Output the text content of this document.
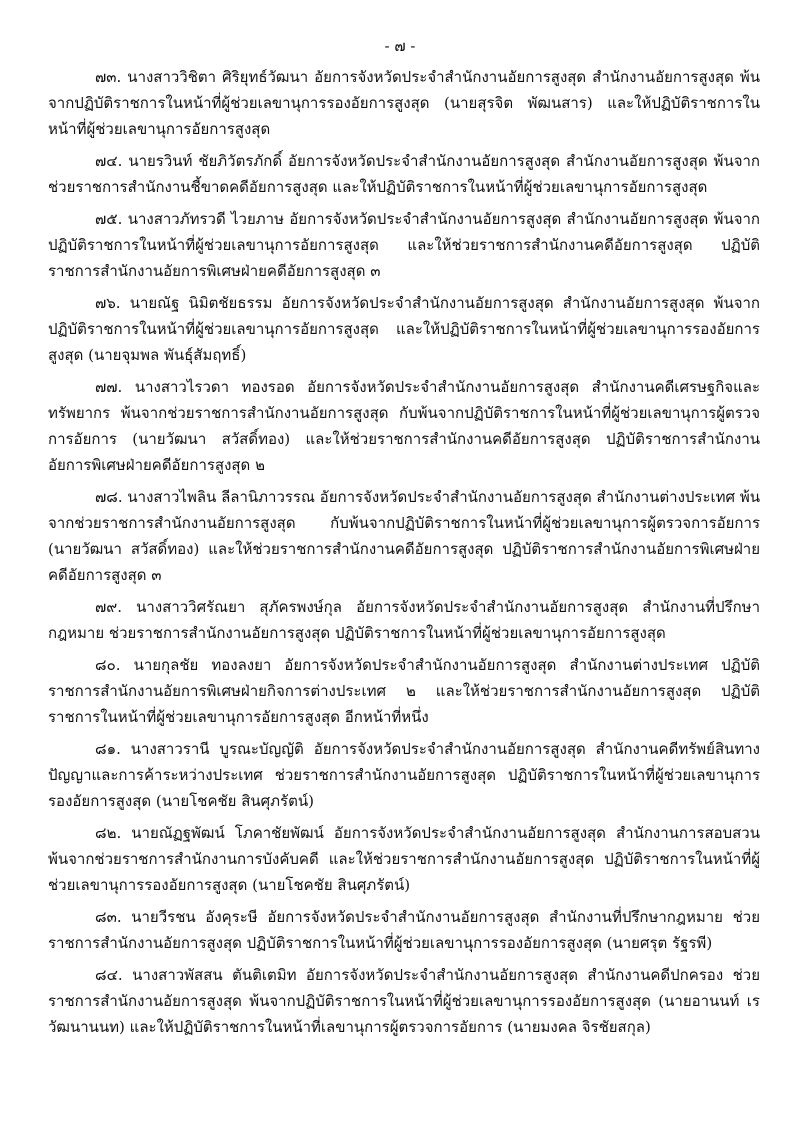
- ๗ -

๗๓. นางสาววิชิตา ศิริยุทธ์วัฒนา อัยการจังหวัดประจำสำนักงานอัยการสูงสุด สำนักงานอัยการสูงสุด พ้นจากปฏิบัติราชการในหน้าที่ผู้ช่วยเลขานุการรองอัยการสูงสุด (นายสุรจิต พัฒนสาร) และให้ปฏิบัติราชการในหน้าที่ผู้ช่วยเลขานุการอัยการสูงสุด

๗๔. นายรวินท์ ชัยภิวัตรภักดิ์ อัยการจังหวัดประจำสำนักงานอัยการสูงสุด สำนักงานอัยการสูงสุด พ้นจากช่วยราชการสำนักงานชี้ขาดคดีอัยการสูงสุด และให้ปฏิบัติราชการในหน้าที่ผู้ช่วยเลขานุการอัยการสูงสุด

๗๕. นางสาวภัทรวดี ไวยภาษ อัยการจังหวัดประจำสำนักงานอัยการสูงสุด สำนักงานอัยการสูงสุด พ้นจากปฏิบัติราชการในหน้าที่ผู้ช่วยเลขานุการอัยการสูงสุด และให้ช่วยราชการสำนักงานคดีอัยการสูงสุด ปฏิบัติราชการสำนักงานอัยการพิเศษฝ่ายคดีอัยการสูงสุด ๓

๗๖. นายณัฐ นิมิตชัยธรรม อัยการจังหวัดประจำสำนักงานอัยการสูงสุด สำนักงานอัยการสูงสุด พ้นจากปฏิบัติราชการในหน้าที่ผู้ช่วยเลขานุการอัยการสูงสุด และให้ปฏิบัติราชการในหน้าที่ผู้ช่วยเลขานุการรองอัยการสูงสุด (นายจุมพล พันธุ์สัมฤทธิ์)

๗๗. นางสาวไรวดา ทองรอด อัยการจังหวัดประจำสำนักงานอัยการสูงสุด สำนักงานคดีเศรษฐกิจและทรัพยากร พ้นจากช่วยราชการสำนักงานอัยการสูงสุด กับพ้นจากปฏิบัติราชการในหน้าที่ผู้ช่วยเลขานุการผู้ตรวจการอัยการ (นายวัฒนา สวัสดิ์ทอง) และให้ช่วยราชการสำนักงานคดีอัยการสูงสุด ปฏิบัติราชการสำนักงานอัยการพิเศษฝ่ายคดีอัยการสูงสุด ๒

๗๘. นางสาวไพลิน ลีลานิภาวรรณ อัยการจังหวัดประจำสำนักงานอัยการสูงสุด สำนักงานต่างประเทศ พ้นจากช่วยราชการสำนักงานอัยการสูงสุด กับพ้นจากปฏิบัติราชการในหน้าที่ผู้ช่วยเลขานุการผู้ตรวจการอัยการ (นายวัฒนา สวัสดิ์ทอง) และให้ช่วยราชการสำนักงานคดีอัยการสูงสุด ปฏิบัติราชการสำนักงานอัยการพิเศษฝ่ายคดีอัยการสูงสุด ๓

๗๙. นางสาววิศรัณยา สุภัครพงษ์กุล อัยการจังหวัดประจำสำนักงานอัยการสูงสุด สำนักงานที่ปรึกษากฎหมาย ช่วยราชการสำนักงานอัยการสูงสุด ปฏิบัติราชการในหน้าที่ผู้ช่วยเลขานุการอัยการสูงสุด

๘๐. นายกุลชัย ทองลงยา อัยการจังหวัดประจำสำนักงานอัยการสูงสุด สำนักงานต่างประเทศ ปฏิบัติราชการสำนักงานอัยการพิเศษฝ่ายกิจการต่างประเทศ ๒ และให้ช่วยราชการสำนักงานอัยการสูงสุด ปฏิบัติราชการในหน้าที่ผู้ช่วยเลขานุการอัยการสูงสุด อีกหน้าที่หนึ่ง

๘๑. นางสาวรานี บูรณะบัญญัติ อัยการจังหวัดประจำสำนักงานอัยการสูงสุด สำนักงานคดีทรัพย์สินทางปัญญาและการค้าระหว่างประเทศ ช่วยราชการสำนักงานอัยการสูงสุด ปฏิบัติราชการในหน้าที่ผู้ช่วยเลขานุการรองอัยการสูงสุด (นายโชคชัย สินศุภรัตน์)

๘๒. นายณัฏฐพัฒน์ โภคาชัยพัฒน์ อัยการจังหวัดประจำสำนักงานอัยการสูงสุด สำนักงานการสอบสวน พ้นจากช่วยราชการสำนักงานการบังคับคดี และให้ช่วยราชการสำนักงานอัยการสูงสุด ปฏิบัติราชการในหน้าที่ผู้ช่วยเลขานุการรองอัยการสูงสุด (นายโชคชัย สินศุภรัตน์)

๘๓. นายวีรชน อังคุระษี อัยการจังหวัดประจำสำนักงานอัยการสูงสุด สำนักงานที่ปรึกษากฎหมาย ช่วยราชการสำนักงานอัยการสูงสุด ปฏิบัติราชการในหน้าที่ผู้ช่วยเลขานุการรองอัยการสูงสุด (นายศรุต รัฐรพี)

๘๔. นางสาวพัสสน ตันติเตมิท อัยการจังหวัดประจำสำนักงานอัยการสูงสุด สำนักงานคดีปกครอง ช่วยราชการสำนักงานอัยการสูงสุด พ้นจากปฏิบัติราชการในหน้าที่ผู้ช่วยเลขานุการรองอัยการสูงสุด (นายอานนท์ เรวัฒนานนท) และให้ปฏิบัติราชการในหน้าที่เลขานุการผู้ตรวจการอัยการ (นายมงคล จิรชัยสกุล)
